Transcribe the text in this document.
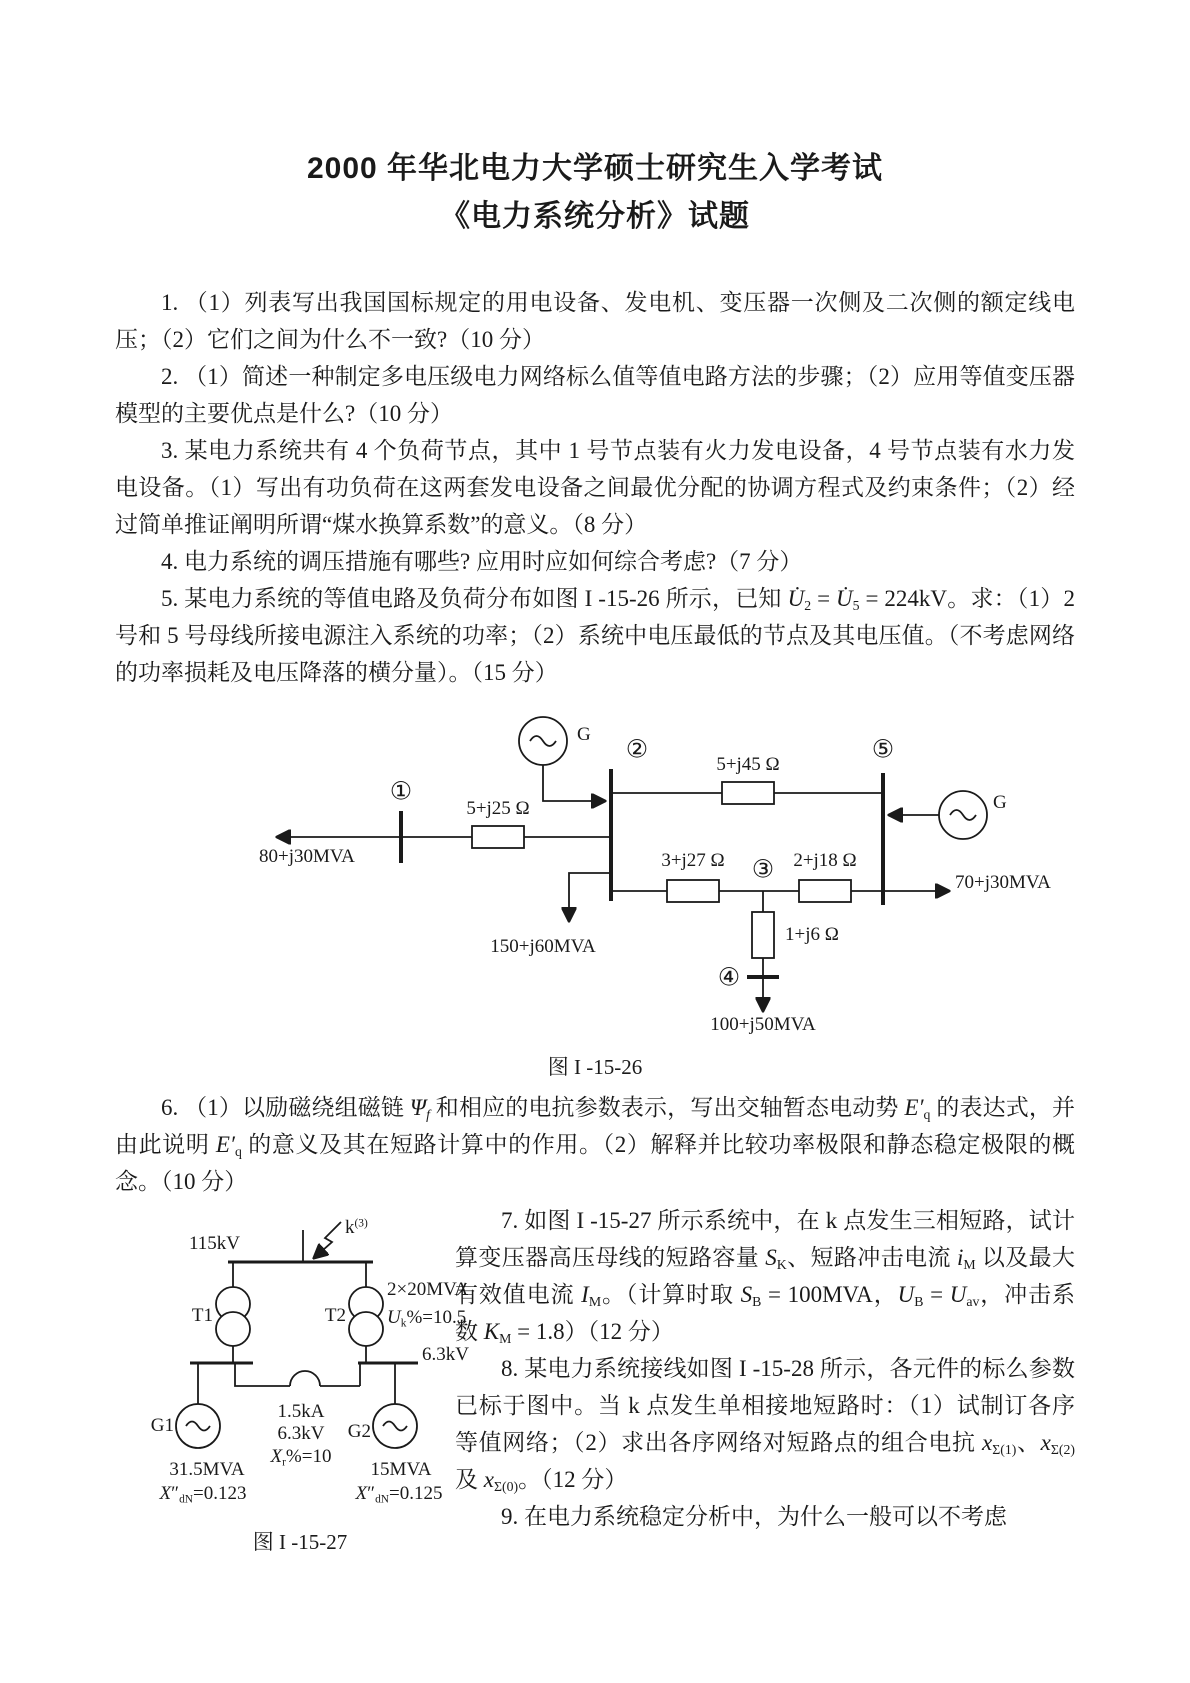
2000 年华北电力大学硕士研究生入学考试
《电力系统分析》试题

1. （1）列表写出我国国标规定的用电设备、发电机、变压器一次侧及二次侧的额定线电压；（2）它们之间为什么不一致?（10 分）

2. （1）简述一种制定多电压级电力网络标么值等值电路方法的步骤；（2）应用等值变压器模型的主要优点是什么?（10 分）

3. 某电力系统共有 4 个负荷节点，其中 1 号节点装有火力发电设备，4 号节点装有水力发电设备。（1）写出有功负荷在这两套发电设备之间最优分配的协调方程式及约束条件；（2）经过简单推证阐明所谓“煤水换算系数”的意义。（8 分）

4. 电力系统的调压措施有哪些? 应用时应如何综合考虑?（7 分）

5. 某电力系统的等值电路及负荷分布如图 I -15-26 所示，已知 $U̇_2$ = $U̇_5 = 224kV$。求：（1）2 号和 5 号母线所接电源注入系统的功率；（2）系统中电压最低的节点及其电压值。（不考虑网络的功率损耗及电压降落的横分量）。（15 分）

①
②
③
④
⑤
5+j25 Ω
5+j45 Ω
3+j27 Ω	2+j18 Ω
1+j6 Ω
80+j30MVA
150+j60MVA
100+j50MVA
70+j30MVA
G
G
图 I -15-26

6. （1）以励磁绕组磁链 $\Psi_f$ 和相应的电抗参数表示，写出交轴暂态电动势 $E'_q$ 的表达式，并由此说明 $E'_q$ 的意义及其在短路计算中的作用。（2）解释并比较功率极限和静态稳定极限的概念。（10 分）

115kV
$k^{(3)}$
T1	T2
2×20MVA
$U_k\%=10.5$
6.3kV
1.5kA
6.3kV
$X_r\%=10$
G1	G2
31.5MVA
$X''_{dN}=0.123$
15MVA
$X''_{dN}=0.125$
图 I -15-27

7. 如图 I -15-27 所示系统中，在 k 点发生三相短路，试计算变压器高压母线的短路容量 $S_K$、短路冲击电流 $i_M$ 以及最大有效值电流 $I_M$。（计算时取 $S_B = 100MVA$，$U_B = U_{av}$，冲击系数 $K_M = 1.8)(12$ 分）

8. 某电力系统接线如图 I -15-28 所示，各元件的标么参数已标于图中。当 k 点发生单相接地短路时：（1）试制订各序等值网络；（2）求出各序网络对短路点的组合电抗 $x_{\Sigma(1)}$、$x_{\Sigma(2)}$ 及 $x_{\Sigma(0)}$。（12 分）

9. 在电力系统稳定分析中，为什么一般可以不考虑
